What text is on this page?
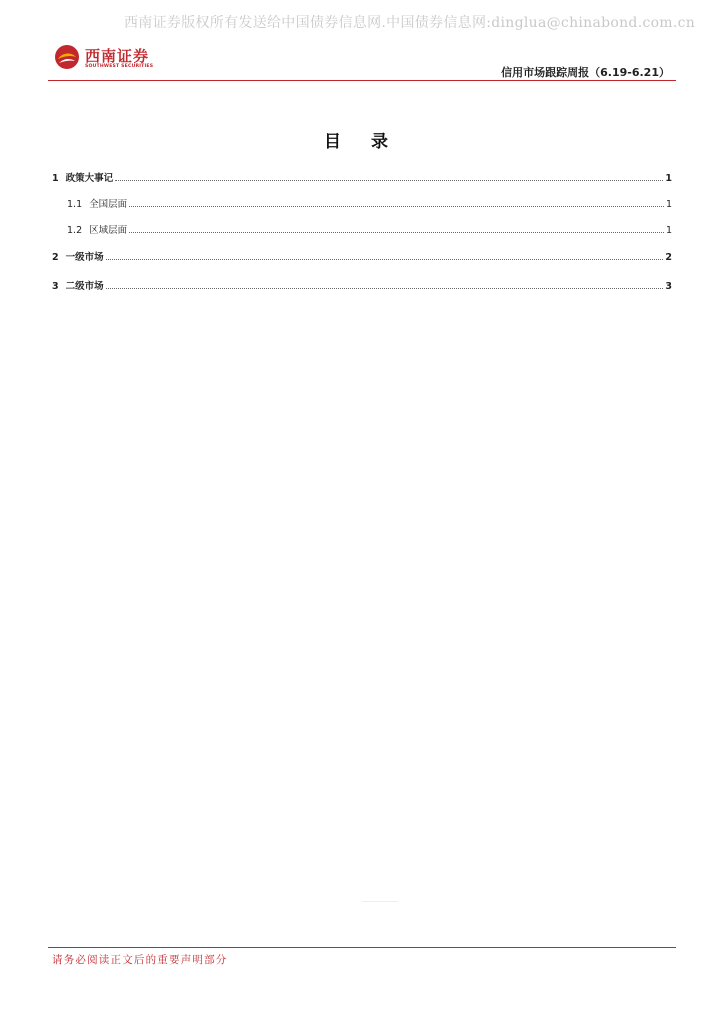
西南证券版权所有发送给中国债券信息网.中国债券信息网:dinglua@chinabond.com.cn
西南证券
SOUTHWEST SECURITIES	信用市场跟踪周报（6.19-6.21）
目 录
1 政策大事记	1
1.1 全国层面	1
1.2 区域层面	1
2 一级市场	2
3 二级市场	3
请务必阅读正文后的重要声明部分
